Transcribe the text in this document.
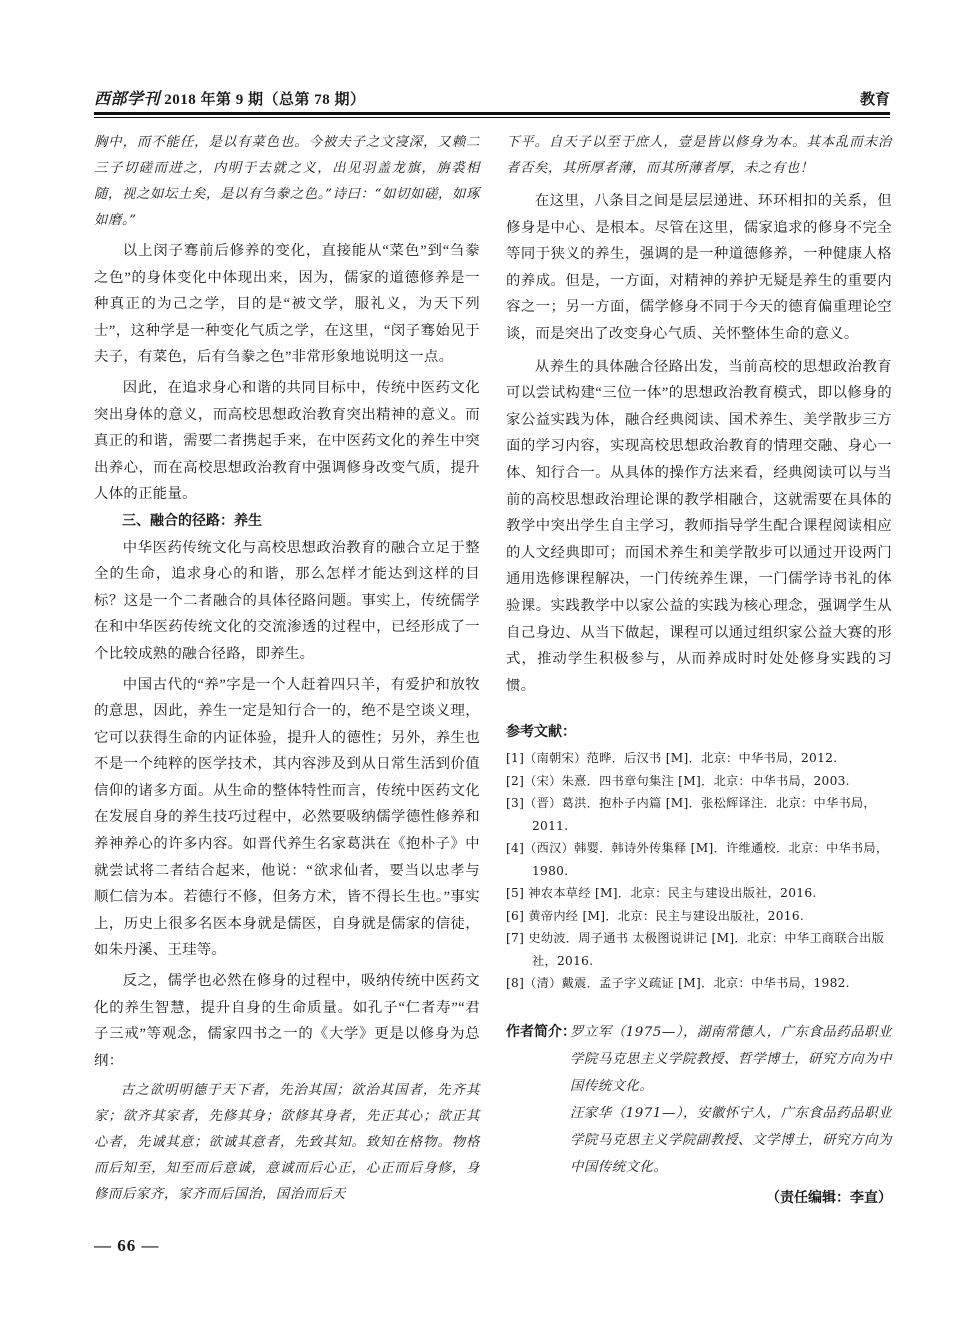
西部学刊 2018 年第 9 期（总第 78 期）	教育

胸中，而不能任，是以有菜色也。今被夫子之文寖深，又赖二三子切磋而进之，内明于去就之义，出见羽盖龙旗，旃裘相随，视之如坛土矣，是以有刍豢之色。”诗曰：“如切如磋，如琢如磨。”

以上闵子骞前后修养的变化，直接能从“菜色”到“刍豢之色”的身体变化中体现出来，因为，儒家的道德修养是一种真正的为己之学，目的是“被文学，服礼义，为天下列士”，这种学是一种变化气质之学，在这里，“闵子骞始见于夫子，有菜色，后有刍豢之色”非常形象地说明这一点。

因此，在追求身心和谐的共同目标中，传统中医药文化突出身体的意义，而高校思想政治教育突出精神的意义。而真正的和谐，需要二者携起手来，在中医药文化的养生中突出养心，而在高校思想政治教育中强调修身改变气质，提升人体的正能量。

三、融合的径路：养生

中华医药传统文化与高校思想政治教育的融合立足于整全的生命，追求身心的和谐，那么怎样才能达到这样的目标？这是一个二者融合的具体径路问题。事实上，传统儒学在和中华医药传统文化的交流渗透的过程中，已经形成了一个比较成熟的融合径路，即养生。

中国古代的“养”字是一个人赶着四只羊，有爱护和放牧的意思，因此，养生一定是知行合一的，绝不是空谈义理，它可以获得生命的内证体验，提升人的德性；另外，养生也不是一个纯粹的医学技术，其内容涉及到从日常生活到价值信仰的诸多方面。从生命的整体特性而言，传统中医药文化在发展自身的养生技巧过程中，必然要吸纳儒学德性修养和养神养心的许多内容。如晋代养生名家葛洪在《抱朴子》中就尝试将二者结合起来，他说：“欲求仙者，要当以忠孝与顺仁信为本。若德行不修，但务方术，皆不得长生也。”事实上，历史上很多名医本身就是儒医，自身就是儒家的信徒，如朱丹溪、王珪等。

反之，儒学也必然在修身的过程中，吸纳传统中医药文化的养生智慧，提升自身的生命质量。如孔子“仁者寿”“君子三戒”等观念，儒家四书之一的《大学》更是以修身为总纲：

古之欲明明德于天下者，先治其国；欲治其国者，先齐其家；欲齐其家者，先修其身；欲修其身者，先正其心；欲正其心者，先诚其意；欲诚其意者，先致其知。致知在格物。物格而后知至，知至而后意诚，意诚而后心正，心正而后身修，身修而后家齐，家齐而后国治，国治而后天

下平。自天子以至于庶人，壹是皆以修身为本。其本乱而末治者否矣，其所厚者薄，而其所薄者厚，未之有也！

在这里，八条目之间是层层递进、环环相扣的关系，但修身是中心、是根本。尽管在这里，儒家追求的修身不完全等同于狭义的养生，强调的是一种道德修养，一种健康人格的养成。但是，一方面，对精神的养护无疑是养生的重要内容之一；另一方面，儒学修身不同于今天的德育偏重理论空谈，而是突出了改变身心气质、关怀整体生命的意义。

从养生的具体融合径路出发，当前高校的思想政治教育可以尝试构建“三位一体”的思想政治教育模式，即以修身的家公益实践为体，融合经典阅读、国术养生、美学散步三方面的学习内容，实现高校思想政治教育的情理交融、身心一体、知行合一。从具体的操作方法来看，经典阅读可以与当前的高校思想政治理论课的教学相融合，这就需要在具体的教学中突出学生自主学习，教师指导学生配合课程阅读相应的人文经典即可；而国术养生和美学散步可以通过开设两门通用选修课程解决，一门传统养生课，一门儒学诗书礼的体验课。实践教学中以家公益的实践为核心理念，强调学生从自己身边、从当下做起，课程可以通过组织家公益大赛的形式，推动学生积极参与，从而养成时时处处修身实践的习惯。

参考文献：
[1]（南朝宋）范晔．后汉书 [M]．北京：中华书局，2012.
[2]（宋）朱熹．四书章句集注 [M]．北京：中华书局，2003.
[3]（晋）葛洪．抱朴子内篇 [M]．张松辉译注．北京：中华书局，2011.
[4]（西汉）韩婴．韩诗外传集释 [M]．许维遹校．北京：中华书局，1980.
[5] 神农本草经 [M]．北京：民主与建设出版社，2016.
[6] 黄帝内经 [M]．北京：民主与建设出版社，2016.
[7] 史幼波．周子通书 太极图说讲记 [M]．北京：中华工商联合出版社，2016.
[8]（清）戴震．孟子字义疏证 [M]．北京：中华书局，1982.
作者简介：

罗立军（1975—），湖南常德人，广东食品药品职业学院马克思主义学院教授、哲学博士，研究方向为中国传统文化。

汪家华（1971—），安徽怀宁人，广东食品药品职业学院马克思主义学院副教授、文学博士，研究方向为中国传统文化。

（责任编辑：李直）
— 66 —
